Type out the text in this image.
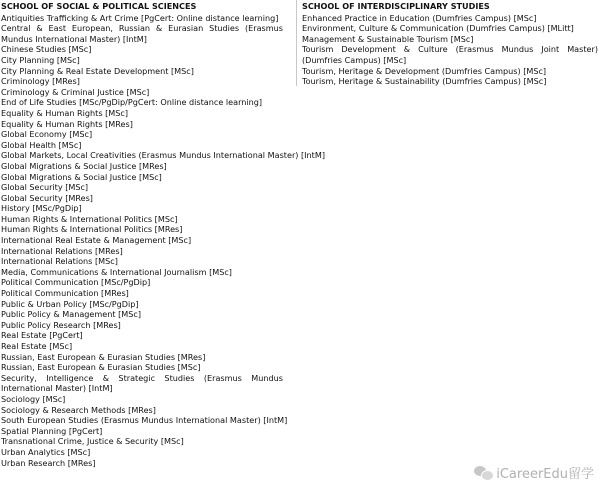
SCHOOL OF SOCIAL & POLITICAL SCIENCES
Antiquities Trafficking & Art Crime [PgCert: Online distance learning]
Central & East European, Russian & Eurasian Studies (Erasmus Mundus International Master) [IntM]
Chinese Studies [MSc]
City Planning [MSc]
City Planning & Real Estate Development [MSc]
Criminology [MRes]
Criminology & Criminal Justice [MSc]
End of Life Studies [MSc/PgDip/PgCert: Online distance learning]
Equality & Human Rights [MSc]
Equality & Human Rights [MRes]
Global Economy [MSc]
Global Health [MSc]
Global Markets, Local Creativities (Erasmus Mundus International Master) [IntM]
Global Migrations & Social Justice [MRes]
Global Migrations & Social Justice [MSc]
Global Security [MSc]
Global Security [MRes]
History [MSc/PgDip]
Human Rights & International Politics [MSc]
Human Rights & International Politics [MRes]
International Real Estate & Management [MSc]
International Relations [MRes]
International Relations [MSc]
Media, Communications & International Journalism [MSc]
Political Communication [MSc/PgDip]
Political Communication [MRes]
Public & Urban Policy [MSc/PgDip]
Public Policy & Management [MSc]
Public Policy Research [MRes]
Real Estate [PgCert]
Real Estate [MSc]
Russian, East European & Eurasian Studies [MRes]
Russian, East European & Eurasian Studies [MSc]
Security, Intelligence & Strategic Studies (Erasmus Mundus International Master) [IntM]
Sociology [MSc]
Sociology & Research Methods [MRes]
South European Studies (Erasmus Mundus International Master) [IntM]
Spatial Planning [PgCert]
Transnational Crime, Justice & Security [MSc]
Urban Analytics [MSc]
Urban Research [MRes]
SCHOOL OF INTERDISCIPLINARY STUDIES
Enhanced Practice in Education (Dumfries Campus) [MSc]
Environment, Culture & Communication (Dumfries Campus) [MLitt]
Management & Sustainable Tourism [MSc]
Tourism Development & Culture (Erasmus Mundus Joint Master) (Dumfries Campus) [MSc]
Tourism, Heritage & Development (Dumfries Campus) [MSc]
Tourism, Heritage & Sustainability (Dumfries Campus) [MSc]
iCareerEdu留学
